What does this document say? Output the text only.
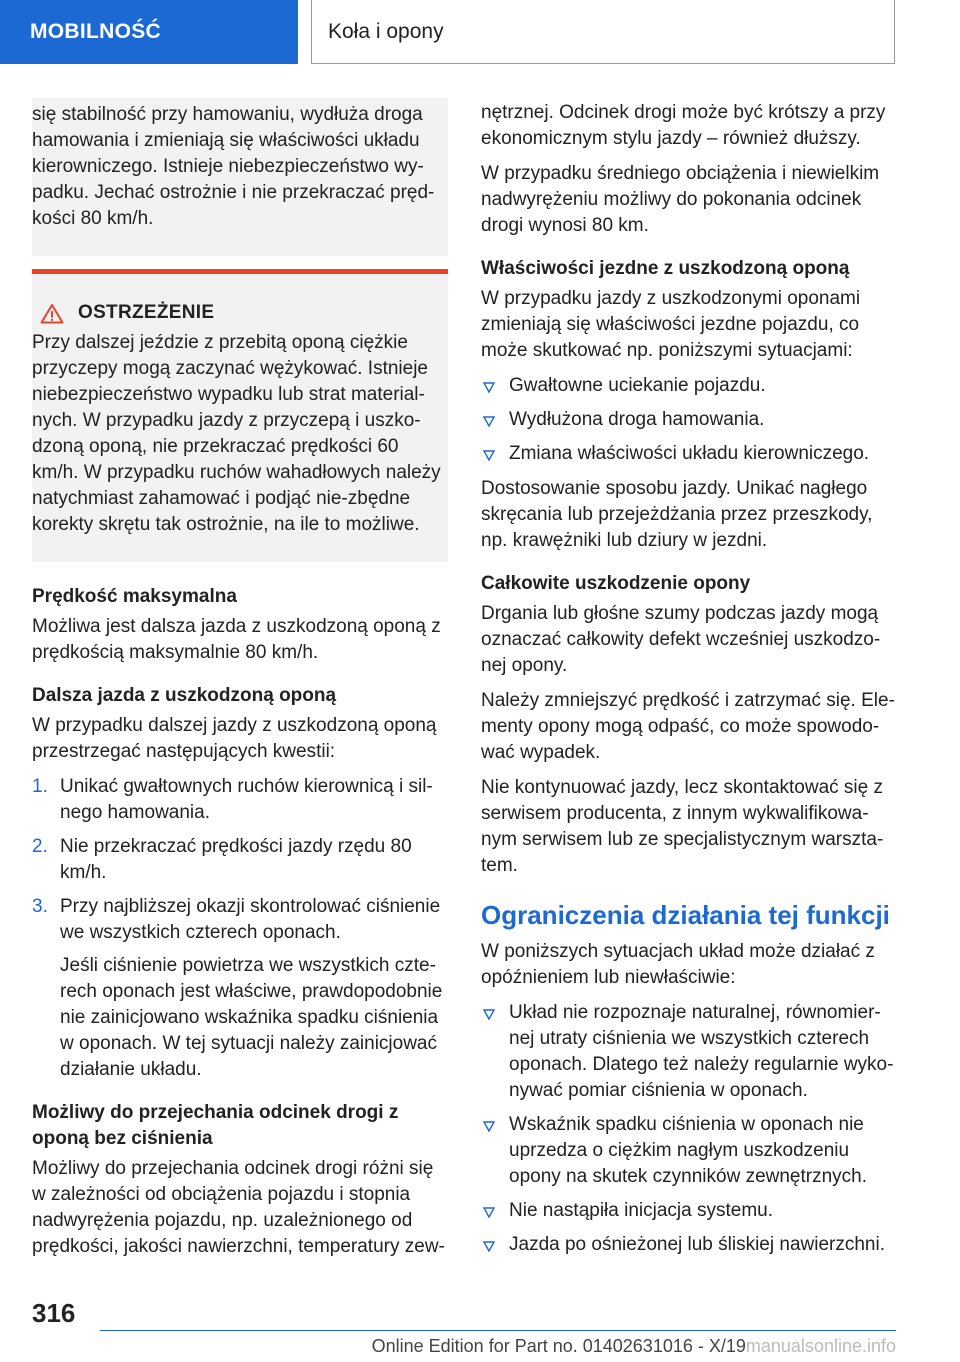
MOBILNOŚĆ	Koła i opony

się stabilność przy hamowaniu, wydłuża droga hamowania i zmieniają się właściwości układu kierowniczego. Istnieje niebezpieczeństwo wy‐padku. Jechać ostrożnie i nie przekraczać pręd‐kości 80 km/h.

OSTRZEŻENIE

Przy dalszej jeździe z przebitą oponą ciężkie przyczepy mogą zaczynać wężykować. Istnieje niebezpieczeństwo wypadku lub strat material‐nych. W przypadku jazdy z przyczepą i uszko‐dzoną oponą, nie przekraczać prędkości 60 km/h. W przypadku ruchów wahadłowych należy natychmiast zahamować i podjąć nie‐zbędne korekty skrętu tak ostrożnie, na ile to możliwe.

Prędkość maksymalna

Możliwa jest dalsza jazda z uszkodzoną oponą z prędkością maksymalnie 80 km/h.

Dalsza jazda z uszkodzoną oponą

W przypadku dalszej jazdy z uszkodzoną oponą przestrzegać następujących kwestii:

1. Unikać gwałtownych ruchów kierownicą i sil‐nego hamowania.
2. Nie przekraczać prędkości jazdy rzędu 80 km/h.
3. Przy najbliższej okazji skontrolować ciśnienie we wszystkich czterech oponach.

Jeśli ciśnienie powietrza we wszystkich czte‐rech oponach jest właściwe, prawdopodobnie nie zainicjowano wskaźnika spadku ciśnienia w oponach. W tej sytuacji należy zainicjować działanie układu.

Możliwy do przejechania odcinek drogi z oponą bez ciśnienia

Możliwy do przejechania odcinek drogi różni się w zależności od obciążenia pojazdu i stopnia nadwyrężenia pojazdu, np. uzależnionego od prędkości, jakości nawierzchni, temperatury zew‐

nętrznej. Odcinek drogi może być krótszy a przy ekonomicznym stylu jazdy – również dłuższy.

W przypadku średniego obciążenia i niewielkim nadwyrężeniu możliwy do pokonania odcinek drogi wynosi 80 km.

Właściwości jezdne z uszkodzoną oponą

W przypadku jazdy z uszkodzonymi oponami zmieniają się właściwości jezdne pojazdu, co może skutkować np. poniższymi sytuacjami:

Gwałtowne uciekanie pojazdu.
Wydłużona droga hamowania.
Zmiana właściwości układu kierowniczego.

Dostosowanie sposobu jazdy. Unikać nagłego skręcania lub przejeżdżania przez przeszkody, np. krawężniki lub dziury w jezdni.

Całkowite uszkodzenie opony

Drgania lub głośne szumy podczas jazdy mogą oznaczać całkowity defekt wcześniej uszkodzo‐nej opony.

Należy zmniejszyć prędkość i zatrzymać się. Ele‐menty opony mogą odpaść, co może spowodo‐wać wypadek.

Nie kontynuować jazdy, lecz skontaktować się z serwisem producenta, z innym wykwalifikowa‐nym serwisem lub ze specjalistycznym warszta‐tem.

Ograniczenia działania tej funkcji

W poniższych sytuacjach układ może działać z opóźnieniem lub niewłaściwie:

Układ nie rozpoznaje naturalnej, równomier‐nej utraty ciśnienia we wszystkich czterech oponach. Dlatego też należy regularnie wyko‐nywać pomiar ciśnienia w oponach.
Wskaźnik spadku ciśnienia w oponach nie uprzedza o ciężkim nagłym uszkodzeniu opony na skutek czynników zewnętrznych.
Nie nastąpiła inicjacja systemu.
Jazda po ośnieżonej lub śliskiej nawierzchni.
316
Online Edition for Part no. 01402631016 - X/19manualsonline.info
